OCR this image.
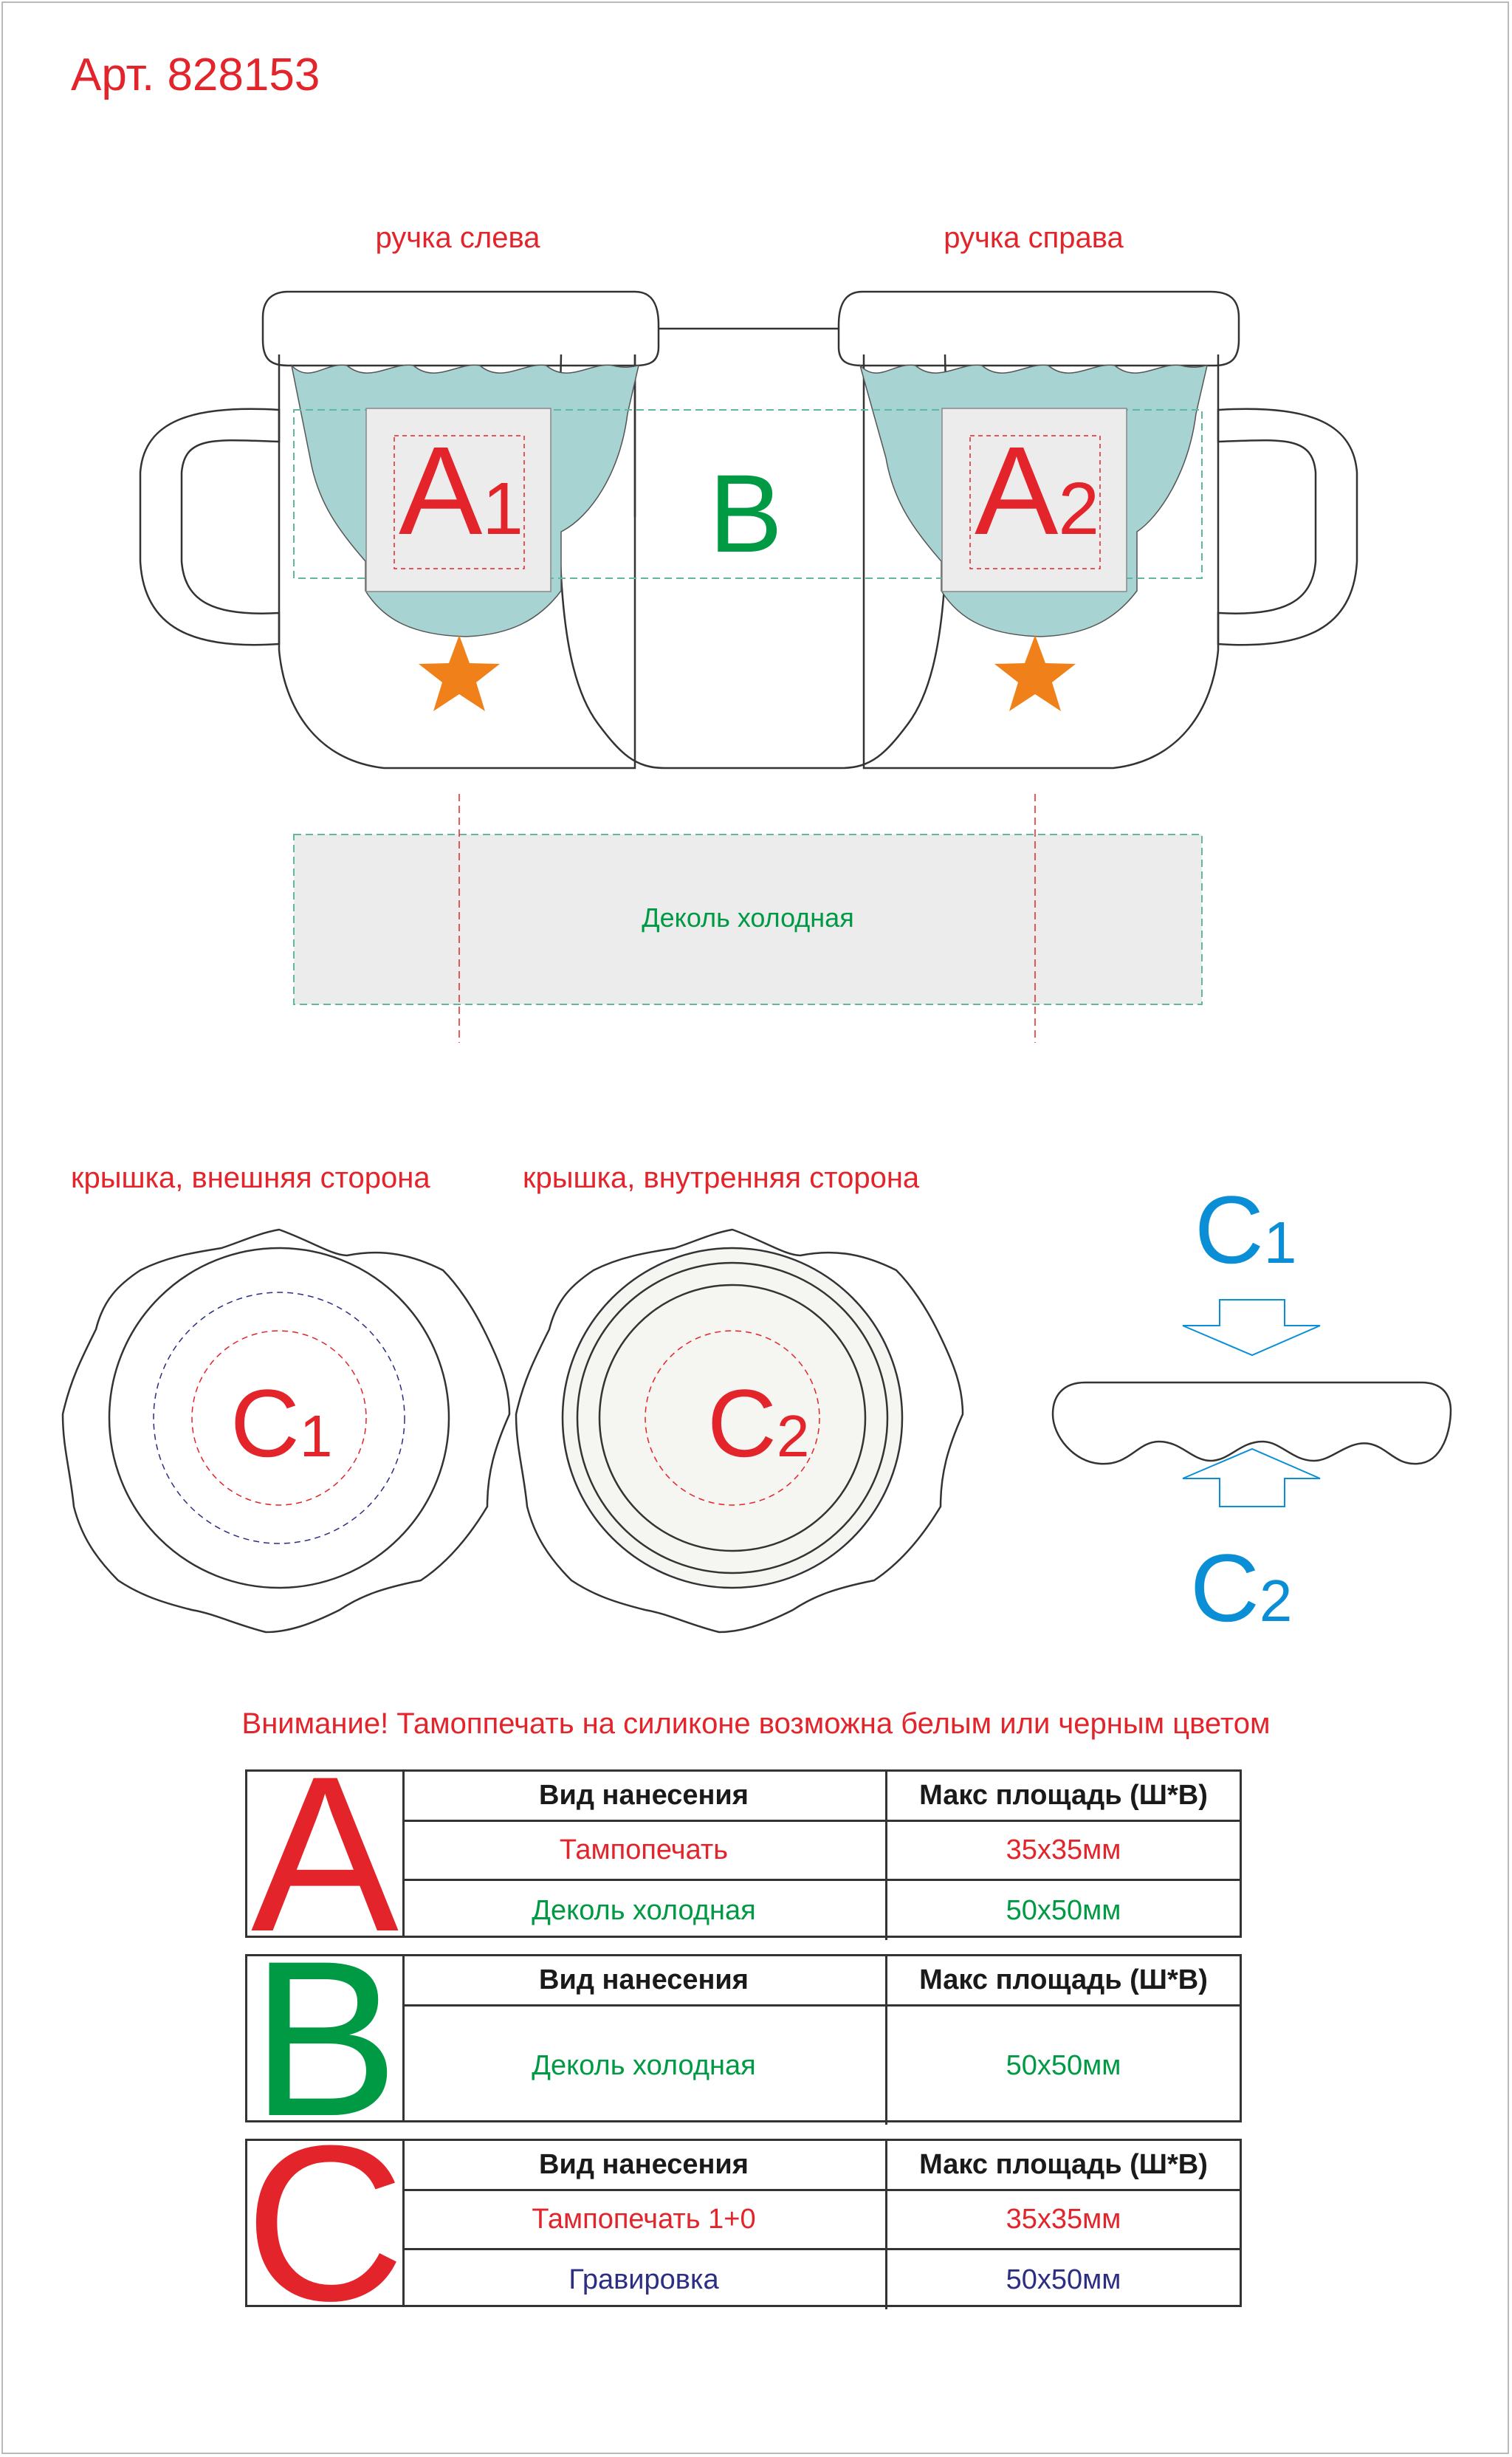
Арт. 828153
ручка слева	ручка справа
A1 B A2
Деколь холодная
крышка, внешняя сторона	крышка, внутренняя сторона
C1	C2
C1
C2
Внимание! Тамоппечать на силиконе возможна белым или черным цветом
A	Вид нанесения	Макс площадь (Ш*В)
Тампопечать	35х35мм
Деколь холодная	50х50мм
B	Вид нанесения	Макс площадь (Ш*В)
Деколь холодная	50х50мм
C	Вид нанесения	Макс площадь (Ш*В)
Тампопечать 1+0	35х35мм
Гравировка	50х50мм
